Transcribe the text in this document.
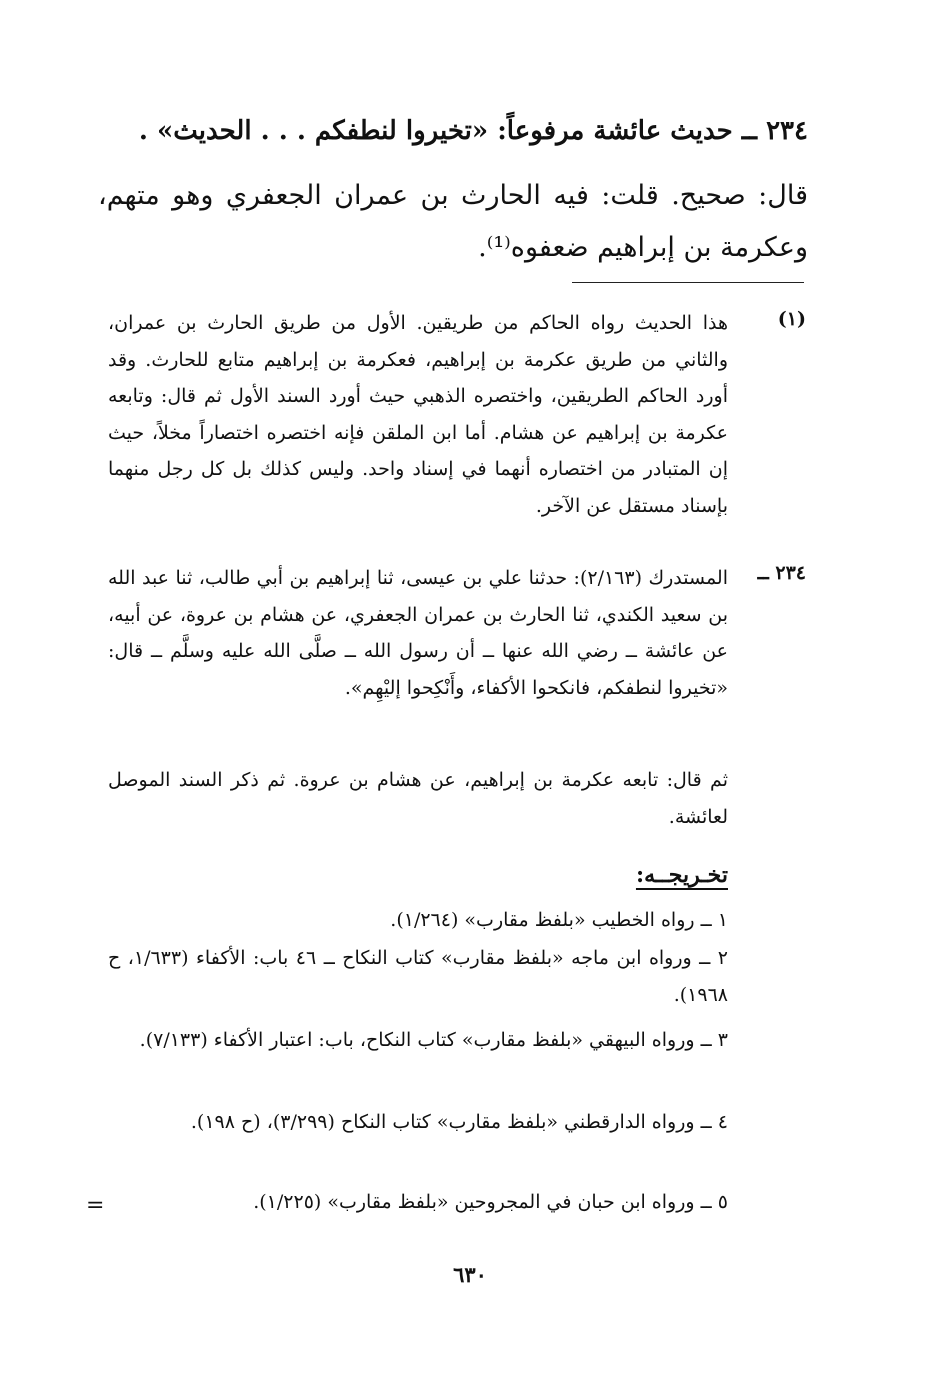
٢٣٤ ــ حديث عائشة مرفوعاً: «تخيروا لنطفكم . . . الحديث» .
قال: صحيح. قلت: فيه الحارث بن عمران الجعفري وهو متهم، وعكرمة بن إبراهيم ضعفوه⁽¹⁾.
(١)
هذا الحديث رواه الحاكم من طريقين. الأول من طريق الحارث بن عمران، والثاني من طريق عكرمة بن إبراهيم، فعكرمة بن إبراهيم متابع للحارث. وقد أورد الحاكم الطريقين، واختصره الذهبي حيث أورد السند الأول ثم قال: وتابعه عكرمة بن إبراهيم عن هشام. أما ابن الملقن فإنه اختصره اختصاراً مخلاً، حيث إن المتبادر من اختصاره أنهما في إسناد واحد. وليس كذلك بل كل رجل منهما بإسناد مستقل عن الآخر.
٢٣٤ ــ
المستدرك (٢/١٦٣): حدثنا علي بن عيسى، ثنا إبراهيم بن أبي طالب، ثنا عبد الله بن سعيد الكندي، ثنا الحارث بن عمران الجعفري، عن هشام بن عروة، عن أبيه، عن عائشة ــ رضي الله عنها ــ أن رسول الله ــ صلَّى الله عليه وسلَّم ــ قال: «تخيروا لنطفكم، فانكحوا الأكفاء، وأَنْكِحوا إليْهِم».
ثم قال: تابعه عكرمة بن إبراهيم، عن هشام بن عروة. ثم ذكر السند الموصل لعائشة.
تخـريجــه:
١ ــ رواه الخطيب «بلفظ مقارب» (١/٢٦٤).
٢ ــ ورواه ابن ماجه «بلفظ مقارب» كتاب النكاح ــ ٤٦ باب: الأكفاء (١/٦٣٣، ح ١٩٦٨).
٣ ــ ورواه البيهقي «بلفظ مقارب» كتاب النكاح، باب: اعتبار الأكفاء (٧/١٣٣).
٤ ــ ورواه الدارقطني «بلفظ مقارب» كتاب النكاح (٣/٢٩٩)، (ح ١٩٨).
٥ ــ ورواه ابن حبان في المجروحين «بلفظ مقارب» (١/٢٢٥).
=
٦٣٠
